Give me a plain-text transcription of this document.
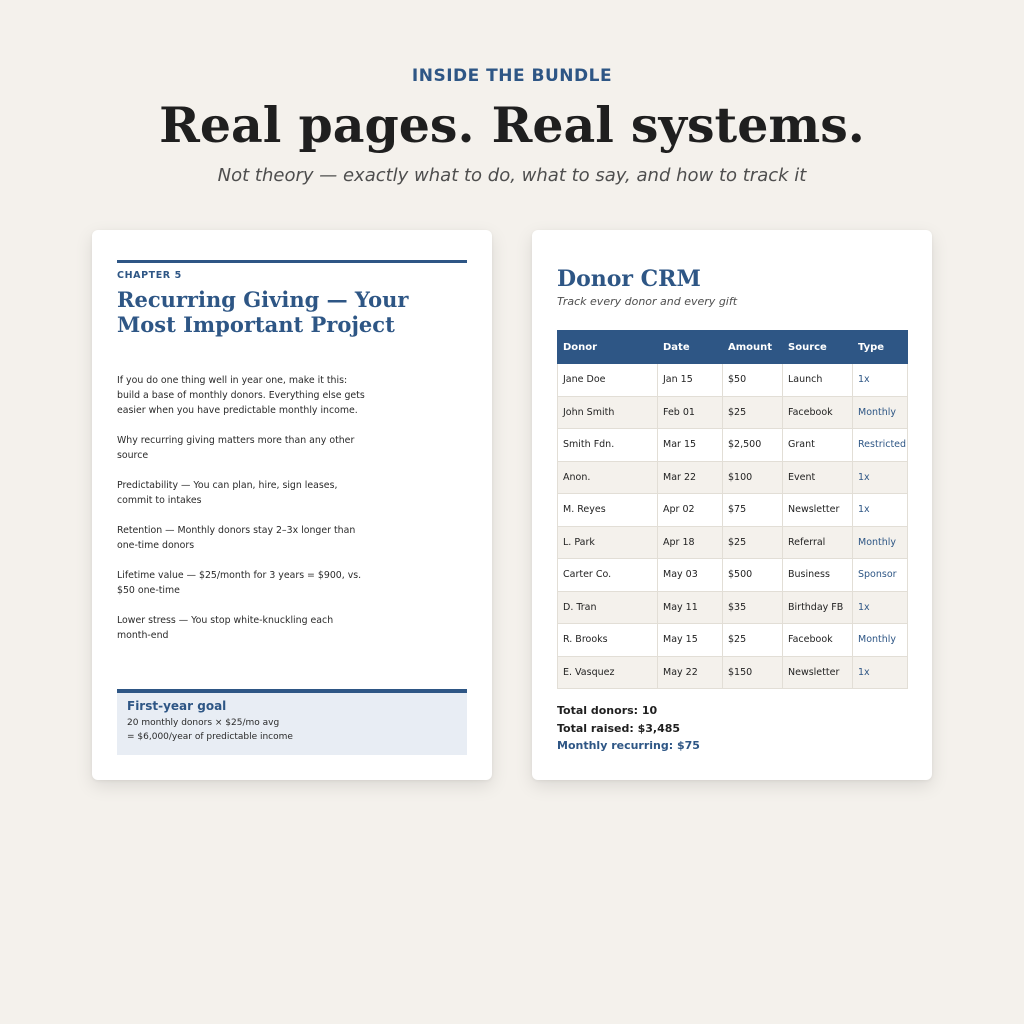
INSIDE THE BUNDLE
Real pages. Real systems.
Not theory — exactly what to do, what to say, and how to track it
CHAPTER 5
Recurring Giving — Your Most Important Project

If you do one thing well in year one, make it this: build a base of monthly donors. Everything else gets easier when you have predictable monthly income.

Why recurring giving matters more than any other source

Predictability — You can plan, hire, sign leases, commit to intakes

Retention — Monthly donors stay 2–3x longer than one-time donors

Lifetime value — $25/month for 3 years = $900, vs. $50 one-time

Lower stress — You stop white-knuckling each month-end

First-year goal
20 monthly donors × $25/mo avg
= $6,000/year of predictable income
Donor CRM
Track every donor and every gift
Donor	Date	Amount	Source	Type
Jane Doe	Jan 15	$50	Launch	1x
John Smith	Feb 01	$25	Facebook	Monthly
Smith Fdn.	Mar 15	$2,500	Grant	Restricted
Anon.	Mar 22	$100	Event	1x
M. Reyes	Apr 02	$75	Newsletter	1x
L. Park	Apr 18	$25	Referral	Monthly
Carter Co.	May 03	$500	Business	Sponsor
D. Tran	May 11	$35	Birthday FB	1x
R. Brooks	May 15	$25	Facebook	Monthly
E. Vasquez	May 22	$150	Newsletter	1x
Total donors: 10
Total raised: $3,485
Monthly recurring: $75
